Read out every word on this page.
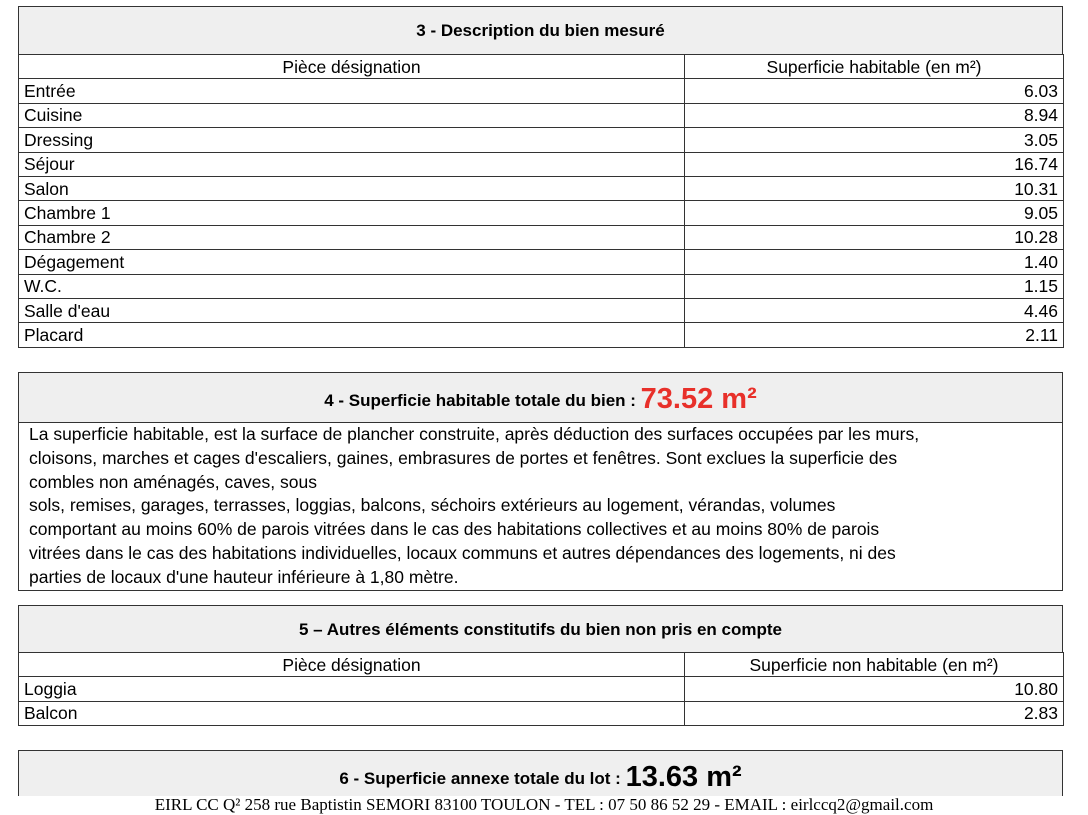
3 - Description du bien mesuré
Pièce désignation	Superficie habitable (en m²)
Entrée	6.03
Cuisine	8.94
Dressing	3.05
Séjour	16.74
Salon	10.31
Chambre 1	9.05
Chambre 2	10.28
Dégagement	1.40
W.C.	1.15
Salle d'eau	4.46
Placard	2.11
4 - Superficie habitable totale du bien : 73.52 m²

La superficie habitable, est la surface de plancher construite, après déduction des surfaces occupées par les murs,

cloisons, marches et cages d'escaliers, gaines, embrasures de portes et fenêtres. Sont exclues la superficie des

combles non aménagés, caves, sous

sols, remises, garages, terrasses, loggias, balcons, séchoirs extérieurs au logement, vérandas, volumes

comportant au moins 60% de parois vitrées dans le cas des habitations collectives et au moins 80% de parois

vitrées dans le cas des habitations individuelles, locaux communs et autres dépendances des logements, ni des

parties de locaux d'une hauteur inférieure à 1,80 mètre.

5 – Autres éléments constitutifs du bien non pris en compte
Pièce désignation	Superficie non habitable (en m²)
Loggia	10.80
Balcon	2.83
6 - Superficie annexe totale du lot : 13.63 m²
EIRL CC Q² 258 rue Baptistin SEMORI 83100 TOULON - TEL : 07 50 86 52 29 - EMAIL : eirlccq2@gmail.com
